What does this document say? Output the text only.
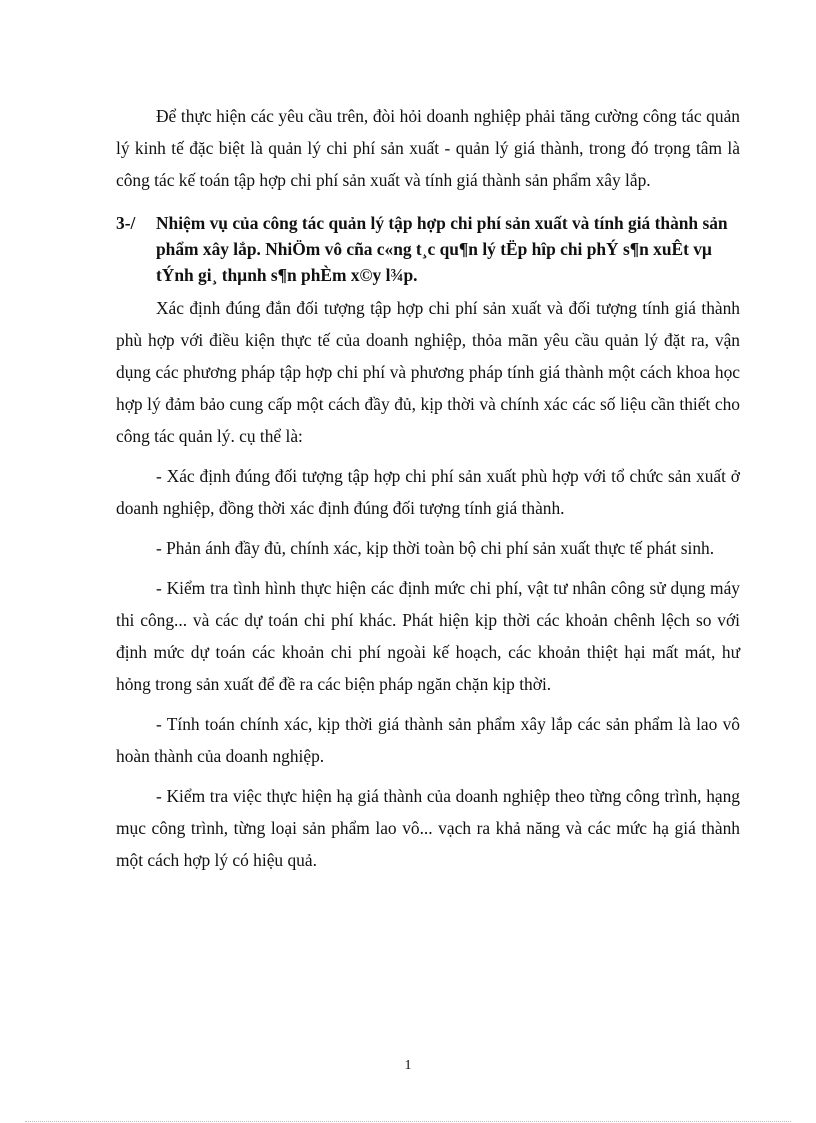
Để thực hiện các yêu cầu trên, đòi hỏi doanh nghiệp phải tăng cường công tác quản lý kinh tế đặc biệt là quản lý chi phí sản xuất - quản lý giá thành, trong đó trọng tâm là công tác kế toán tập hợp chi phí sản xuất và tính giá thành sản phẩm xây lắp.

3-/ Nhiệm vụ của công tác quản lý tập hợp chi phí sản xuất và tính giá thành sản phẩm xây lắp. NhiÖm vô cña c«ng t¸c qu¶n lý tËp hîp chi phÝ s¶n xuÊt vµ tÝnh gi¸ thµnh s¶n phÈm x©y l¾p.

Xác định đúng đắn đối tượng tập hợp chi phí sản xuất và đối tượng tính giá thành phù hợp với điều kiện thực tế của doanh nghiệp, thỏa mãn yêu cầu quản lý đặt ra, vận dụng các phương pháp tập hợp chi phí và phương pháp tính giá thành một cách khoa học hợp lý đảm bảo cung cấp một cách đầy đủ, kịp thời và chính xác các số liệu cần thiết cho công tác quản lý. cụ thể là:

- Xác định đúng đối tượng tập hợp chi phí sản xuất phù hợp với tổ chức sản xuất ở doanh nghiệp, đồng thời xác định đúng đối tượng tính giá thành.

- Phản ánh đầy đủ, chính xác, kịp thời toàn bộ chi phí sản xuất thực tế phát sinh.

- Kiểm tra tình hình thực hiện các định mức chi phí, vật tư nhân công sử dụng máy thi công... và các dự toán chi phí khác. Phát hiện kịp thời các khoản chênh lệch so với định mức dự toán các khoản chi phí ngoài kế hoạch, các khoản thiệt hại mất mát, hư hỏng trong sản xuất để đề ra các biện pháp ngăn chặn kịp thời.

- Tính toán chính xác, kịp thời giá thành sản phẩm xây lắp các sản phẩm là lao vô hoàn thành của doanh nghiệp.

- Kiểm tra việc thực hiện hạ giá thành của doanh nghiệp theo từng công trình, hạng mục công trình, từng loại sản phẩm lao vô... vạch ra khả năng và các mức hạ giá thành một cách hợp lý có hiệu quả.

1
